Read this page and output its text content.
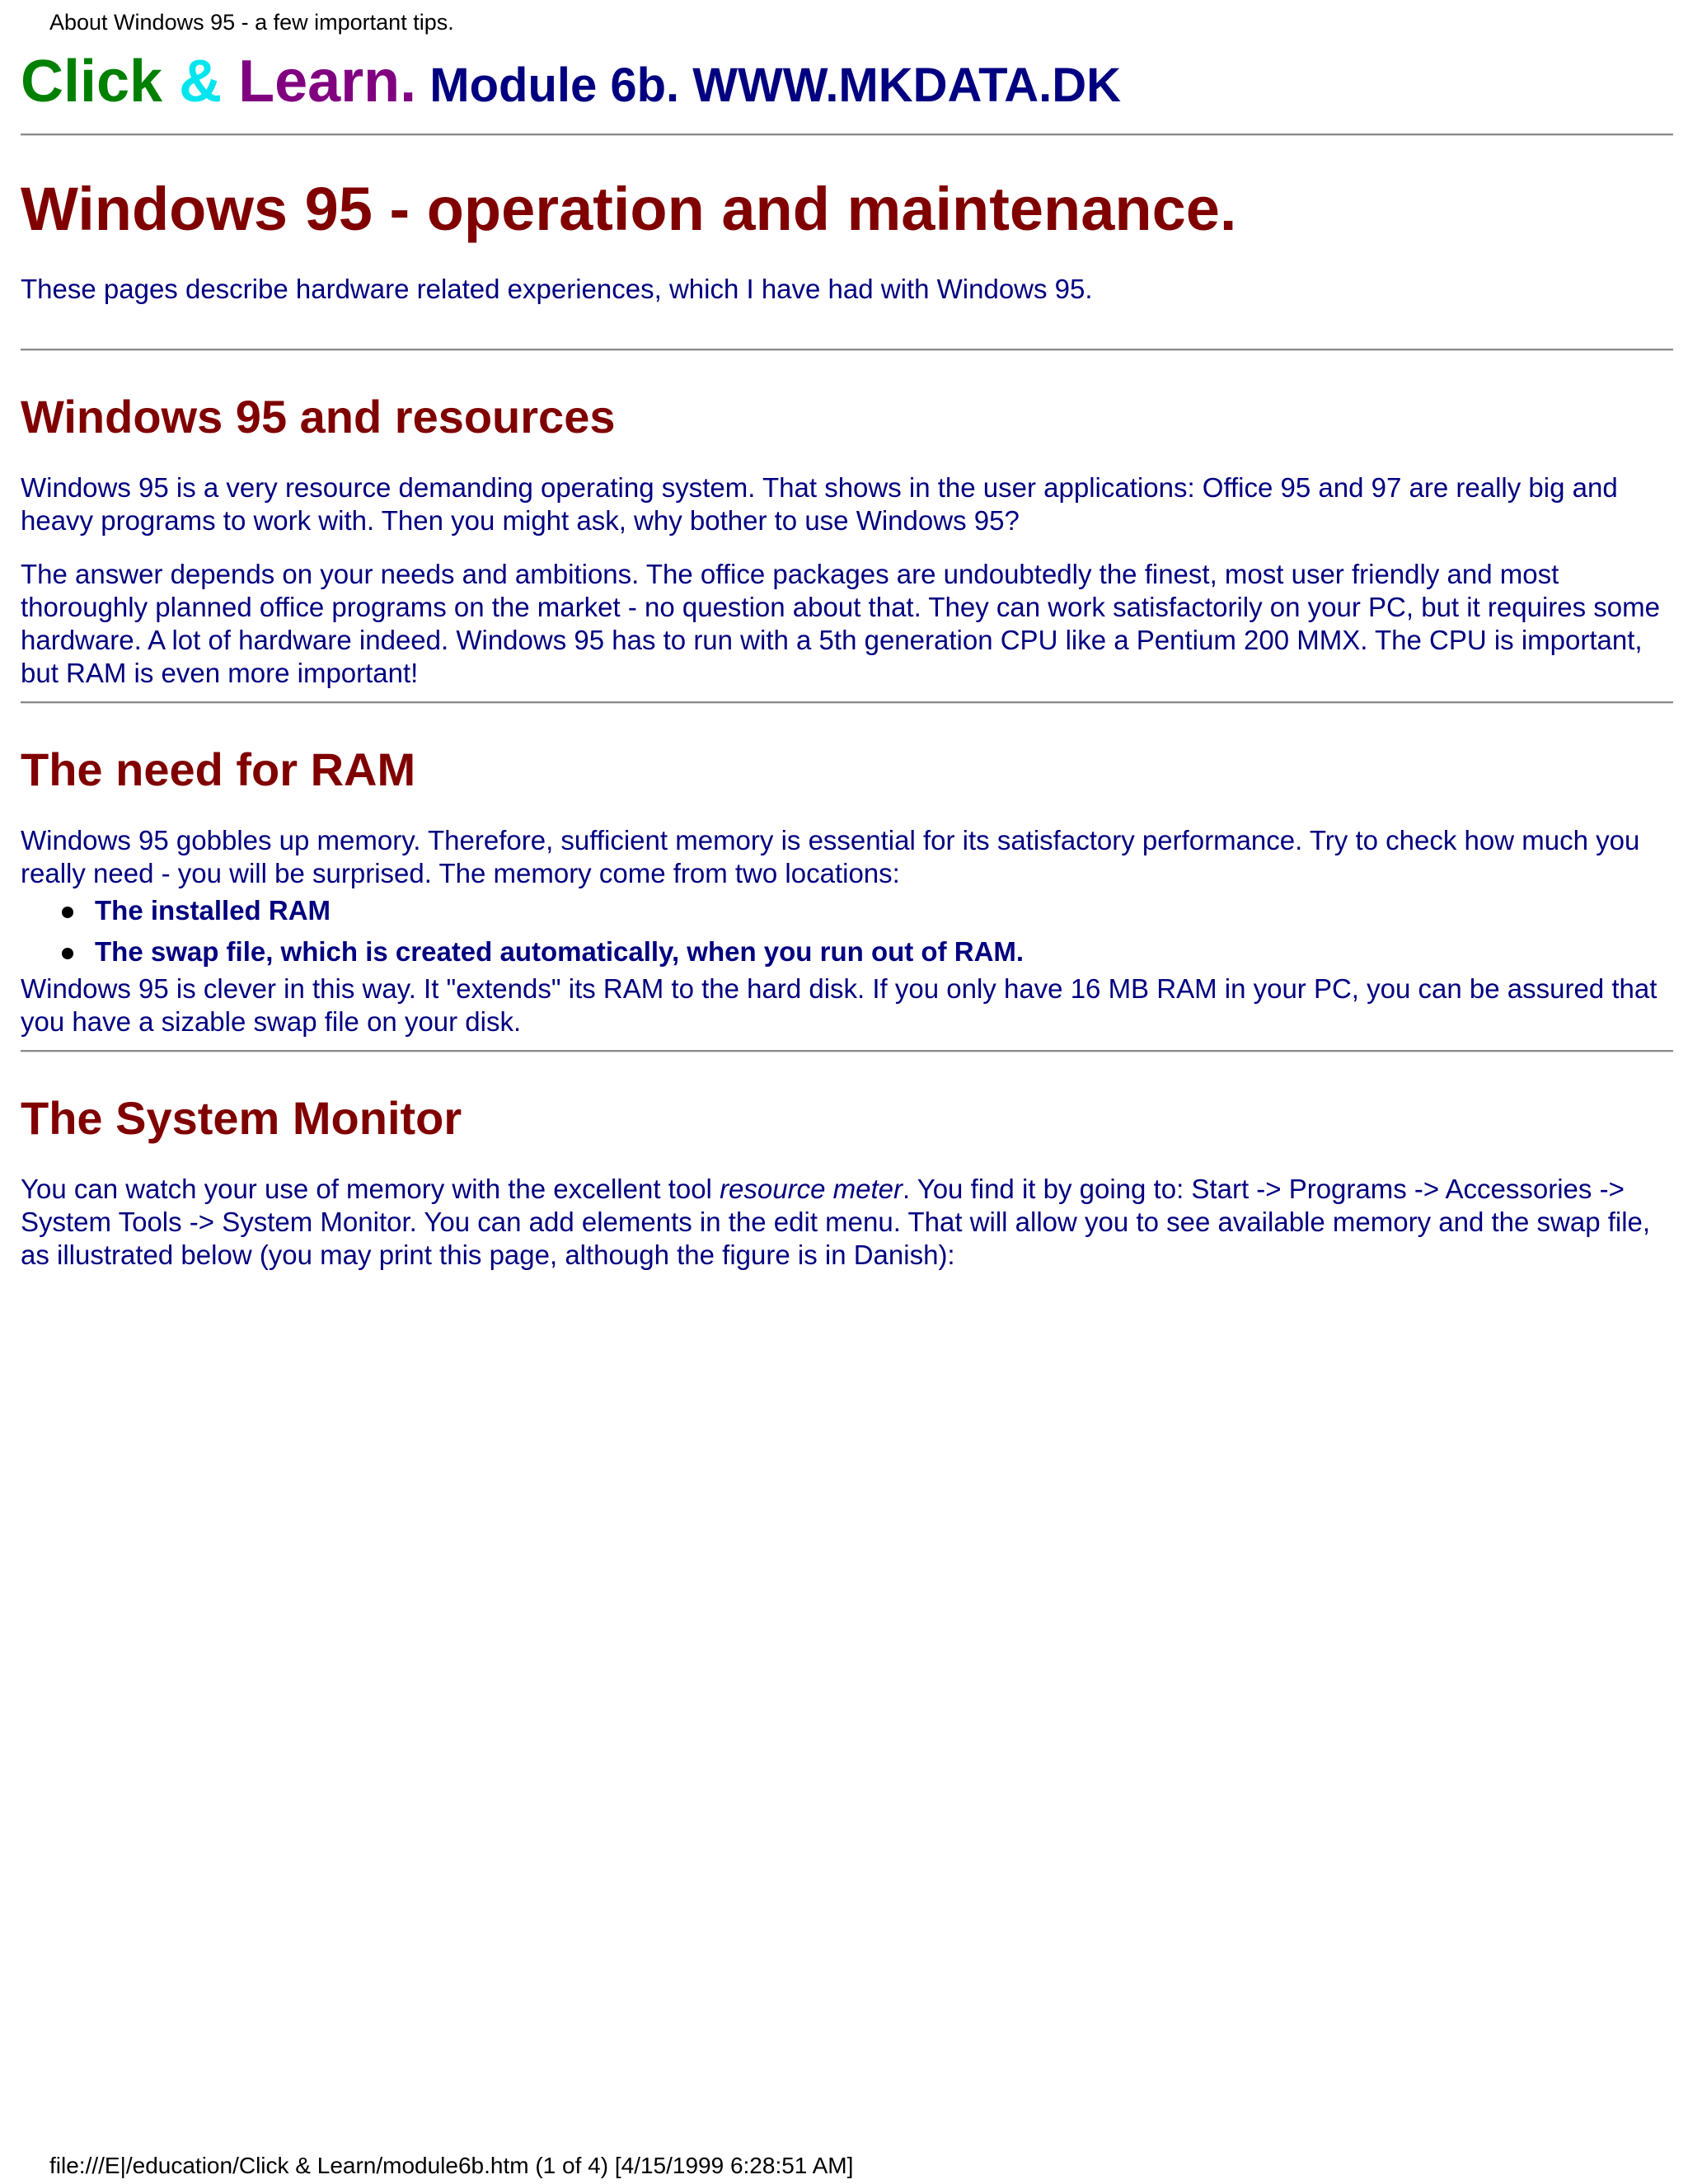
About Windows 95 - a few important tips.
Click & Learn. Module 6b. WWW.MKDATA.DK
Windows 95 - operation and maintenance.

These pages describe hardware related experiences, which I have had with Windows 95.

Windows 95 and resources

Windows 95 is a very resource demanding operating system. That shows in the user applications: Office 95 and 97 are really big and heavy programs to work with. Then you might ask, why bother to use Windows 95?

The answer depends on your needs and ambitions. The office packages are undoubtedly the finest, most user friendly and most thoroughly planned office programs on the market - no question about that. They can work satisfactorily on your PC, but it requires some hardware. A lot of hardware indeed. Windows 95 has to run with a 5th generation CPU like a Pentium 200 MMX. The CPU is important, but RAM is even more important!

The need for RAM

Windows 95 gobbles up memory. Therefore, sufficient memory is essential for its satisfactory performance. Try to check how much you really need - you will be surprised. The memory come from two locations:

The installed RAM
The swap file, which is created automatically, when you run out of RAM.

Windows 95 is clever in this way. It "extends" its RAM to the hard disk. If you only have 16 MB RAM in your PC, you can be assured that you have a sizable swap file on your disk.

The System Monitor

You can watch your use of memory with the excellent tool resource meter. You find it by going to: Start -> Programs -> Accessories -> System Tools -> System Monitor. You can add elements in the edit menu. That will allow you to see available memory and the swap file, as illustrated below (you may print this page, although the figure is in Danish):

file:///E|/education/Click & Learn/module6b.htm (1 of 4) [4/15/1999 6:28:51 AM]
